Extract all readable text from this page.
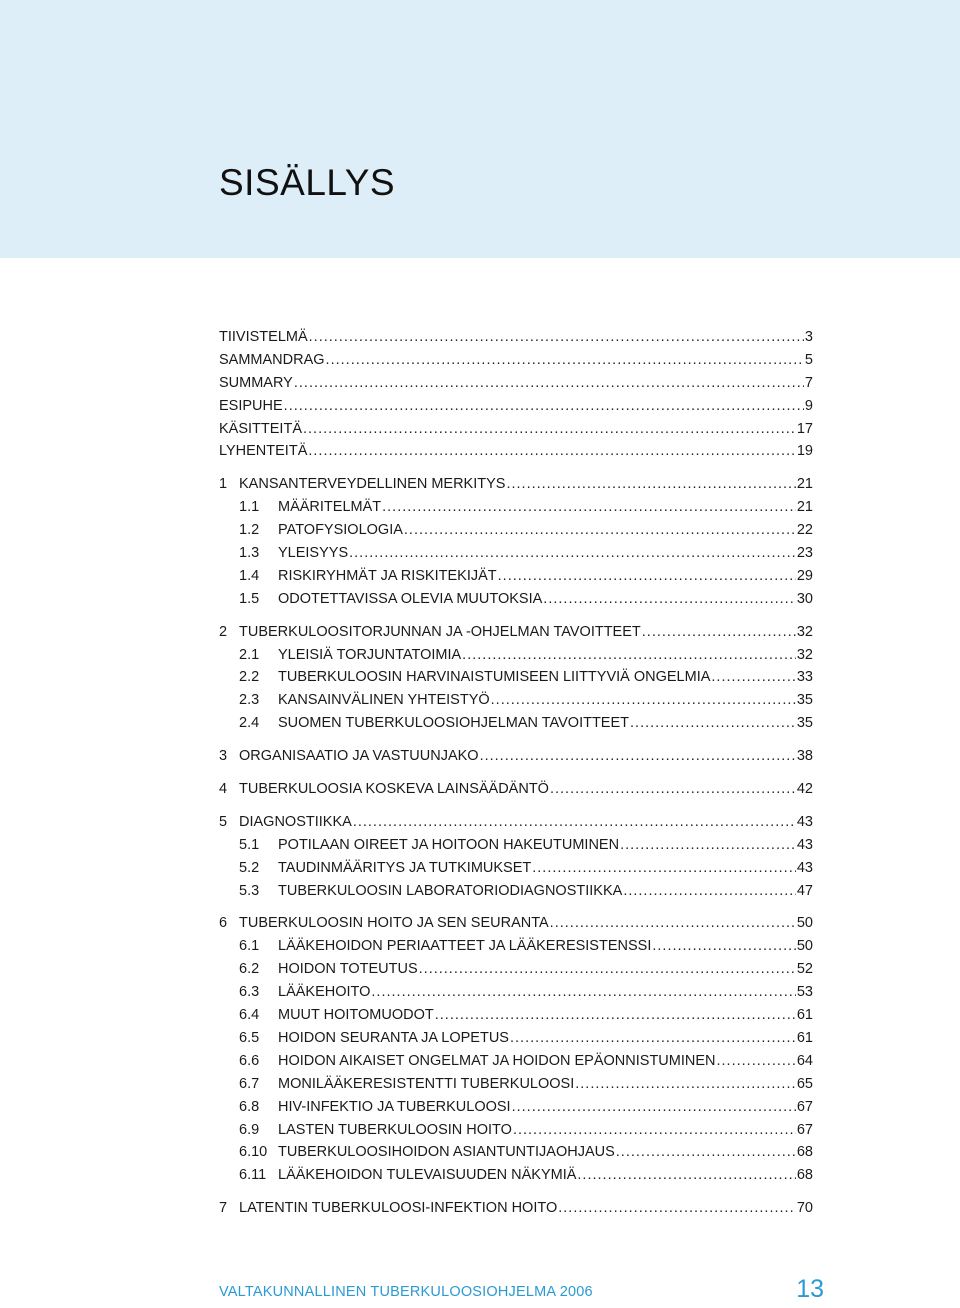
SISÄLLYS
TIIVISTELMÄ .....	3
SAMMANDRAG .....	5
SUMMARY .....	7
ESIPUHE .....	9
KÄSITTEITÄ .....	17
LYHENTEITÄ .....	19
1 KANSANTERVEYDELLINEN MERKITYS .....	21
1.1	MÄÄRITELMÄT .....	21
1.2	PATOFYSIOLOGIA .....	22
1.3	YLEISYYS .....	23
1.4	RISKIRYHMÄT JA RISKITEKIJÄT .....	29
1.5	ODOTETTAVISSA OLEVIA MUUTOKSIA .....	30
2 TUBERKULOOSITORJUNNAN JA -OHJELMAN TAVOITTEET .....	32
2.1	YLEISIÄ TORJUNTATOIMIA .....	32
2.2	TUBERKULOOSIN HARVINAISTUMISEEN LIITTYVIÄ ONGELMIA .....	33
2.3	KANSAINVÄLINEN YHTEISTYÖ .....	35
2.4	SUOMEN TUBERKULOOSIOHJELMAN TAVOITTEET .....	35
3 ORGANISAATIO JA VASTUUNJAKO .....	38
4 TUBERKULOOSIA KOSKEVA LAINSÄÄDÄNTÖ .....	42
5 DIAGNOSTIIKKA .....	43
5.1	POTILAAN OIREET JA HOITOON HAKEUTUMINEN .....	43
5.2	TAUDINMÄÄRITYS JA TUTKIMUKSET .....	43
5.3	TUBERKULOOSIN LABORATORIODIAGNOSTIIKKA .....	47
6 TUBERKULOOSIN HOITO JA SEN SEURANTA .....	50
6.1	LÄÄKEHOIDON PERIAATTEET JA LÄÄKERESISTENSSI .....	50
6.2	HOIDON TOTEUTUS .....	52
6.3	LÄÄKEHOITO .....	53
6.4	MUUT HOITOMUODOT .....	61
6.5	HOIDON SEURANTA JA LOPETUS .....	61
6.6	HOIDON AIKAISET ONGELMAT JA HOIDON EPÄONNISTUMINEN .....	64
6.7	MONILÄÄKERESISTENTTI TUBERKULOOSI .....	65
6.8	HIV-INFEKTIO JA TUBERKULOOSI .....	67
6.9	LASTEN TUBERKULOOSIN HOITO .....	67
6.10 TUBERKULOOSIHOIDON ASIANTUNTIJAOHJAUS .....	68
6.11 LÄÄKEHOIDON TULEVAISUUDEN NÄKYMIÄ .....	68
7 LATENTIN TUBERKULOOSI-INFEKTION HOITO .....	70
VALTAKUNNALLINEN TUBERKULOOSIOHJELMA 2006	13
